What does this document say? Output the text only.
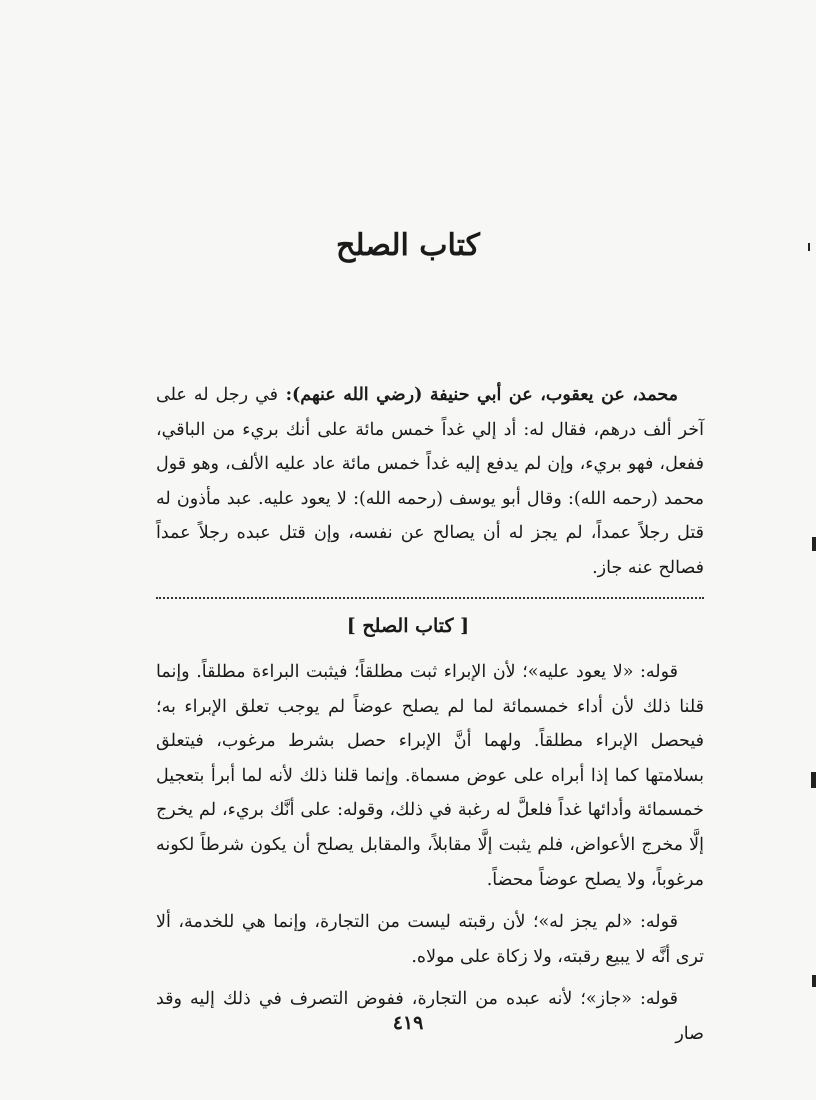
كتاب الصلح

محمد، عن يعقوب، عن أبي حنيفة (رضي الله عنهم): في رجل له على آخر ألف درهم، فقال له: أد إلي غداً خمس مائة على أنك بريء من الباقي، ففعل، فهو بريء، وإن لم يدفع إليه غداً خمس مائة عاد عليه الألف، وهو قول محمد (رحمه الله): وقال أبو يوسف (رحمه الله): لا يعود عليه. عبد مأذون له قتل رجلاً عمداً، لم يجز له أن يصالح عن نفسه، وإن قتل عبده رجلاً عمداً فصالح عنه جاز.

[ كتاب الصلح ]

قوله: «لا يعود عليه»؛ لأن الإبراء ثبت مطلقاً؛ فيثبت البراءة مطلقاً. وإنما قلنا ذلك لأن أداء خمسمائة لما لم يصلح عوضاً لم يوجب تعلق الإبراء به؛ فيحصل الإبراء مطلقاً. ولهما أنَّ الإبراء حصل بشرط مرغوب، فيتعلق بسلامتها كما إذا أبراه على عوض مسماة. وإنما قلنا ذلك لأنه لما أبرأ بتعجيل خمسمائة وأدائها غداً فلعلَّ له رغبة في ذلك، وقوله: على أنَّك بريء، لم يخرج إلَّا مخرج الأعواض، فلم يثبت إلَّا مقابلاً، والمقابل يصلح أن يكون شرطاً لكونه مرغوباً، ولا يصلح عوضاً محضاً.

قوله: «لم يجز له»؛ لأن رقبته ليست من التجارة، وإنما هي للخدمة، ألا ترى أنَّه لا يبيع رقبته، ولا زكاة على مولاه.

قوله: «جاز»؛ لأنه عبده من التجارة، ففوض التصرف في ذلك إليه وقد صار

٤١٩
